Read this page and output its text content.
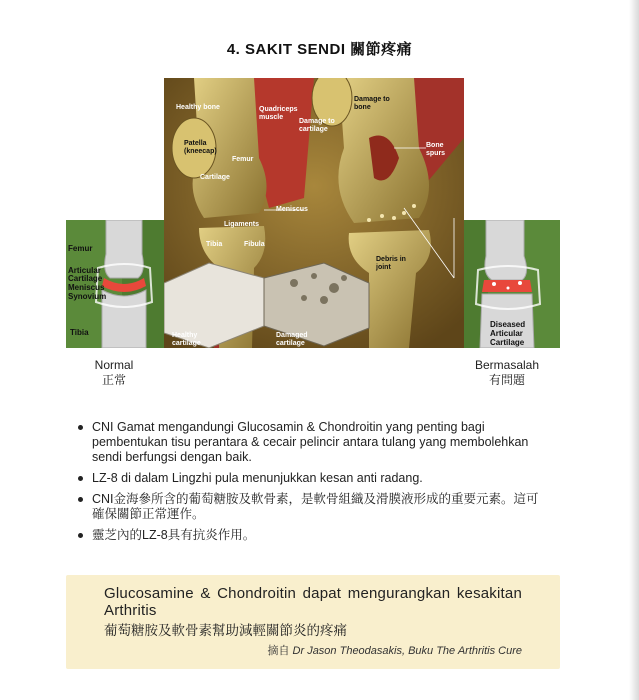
4. SAKIT SENDI 關節疼痛
Femur
Articular
Cartilage
Meniscus
Synovium
Tibia
Healthy bone	Quadriceps muscle
Damage to cartilage
Damage to bone
Patella (kneecap)
Femur
Cartilage
Meniscus
Ligaments
Tibia	Fibula
Bone spurs
Debris in joint
Healthy cartilage
Damaged cartilage
Diseased
Articular
Cartilage
Normal
正常
Bermasalah
有問題
CNI Gamat mengandungi Glucosamin & Chondroitin yang penting bagi pembentukan tisu perantara & cecair pelincir antara tulang yang membolehkan sendi berfungsi dengan baik.
LZ-8 di dalam Lingzhi pula menunjukkan kesan anti radang.
CNI金海參所含的葡萄糖胺及軟骨素，是軟骨組織及滑膜液形成的重要元素。這可確保關節正常運作。
靈芝內的LZ-8具有抗炎作用。
Glucosamine & Chondroitin dapat mengurangkan kesakitan Arthritis
葡萄糖胺及軟骨素幫助減輕關節炎的疼痛
摘自 Dr Jason Theodasakis, Buku The Arthritis Cure
